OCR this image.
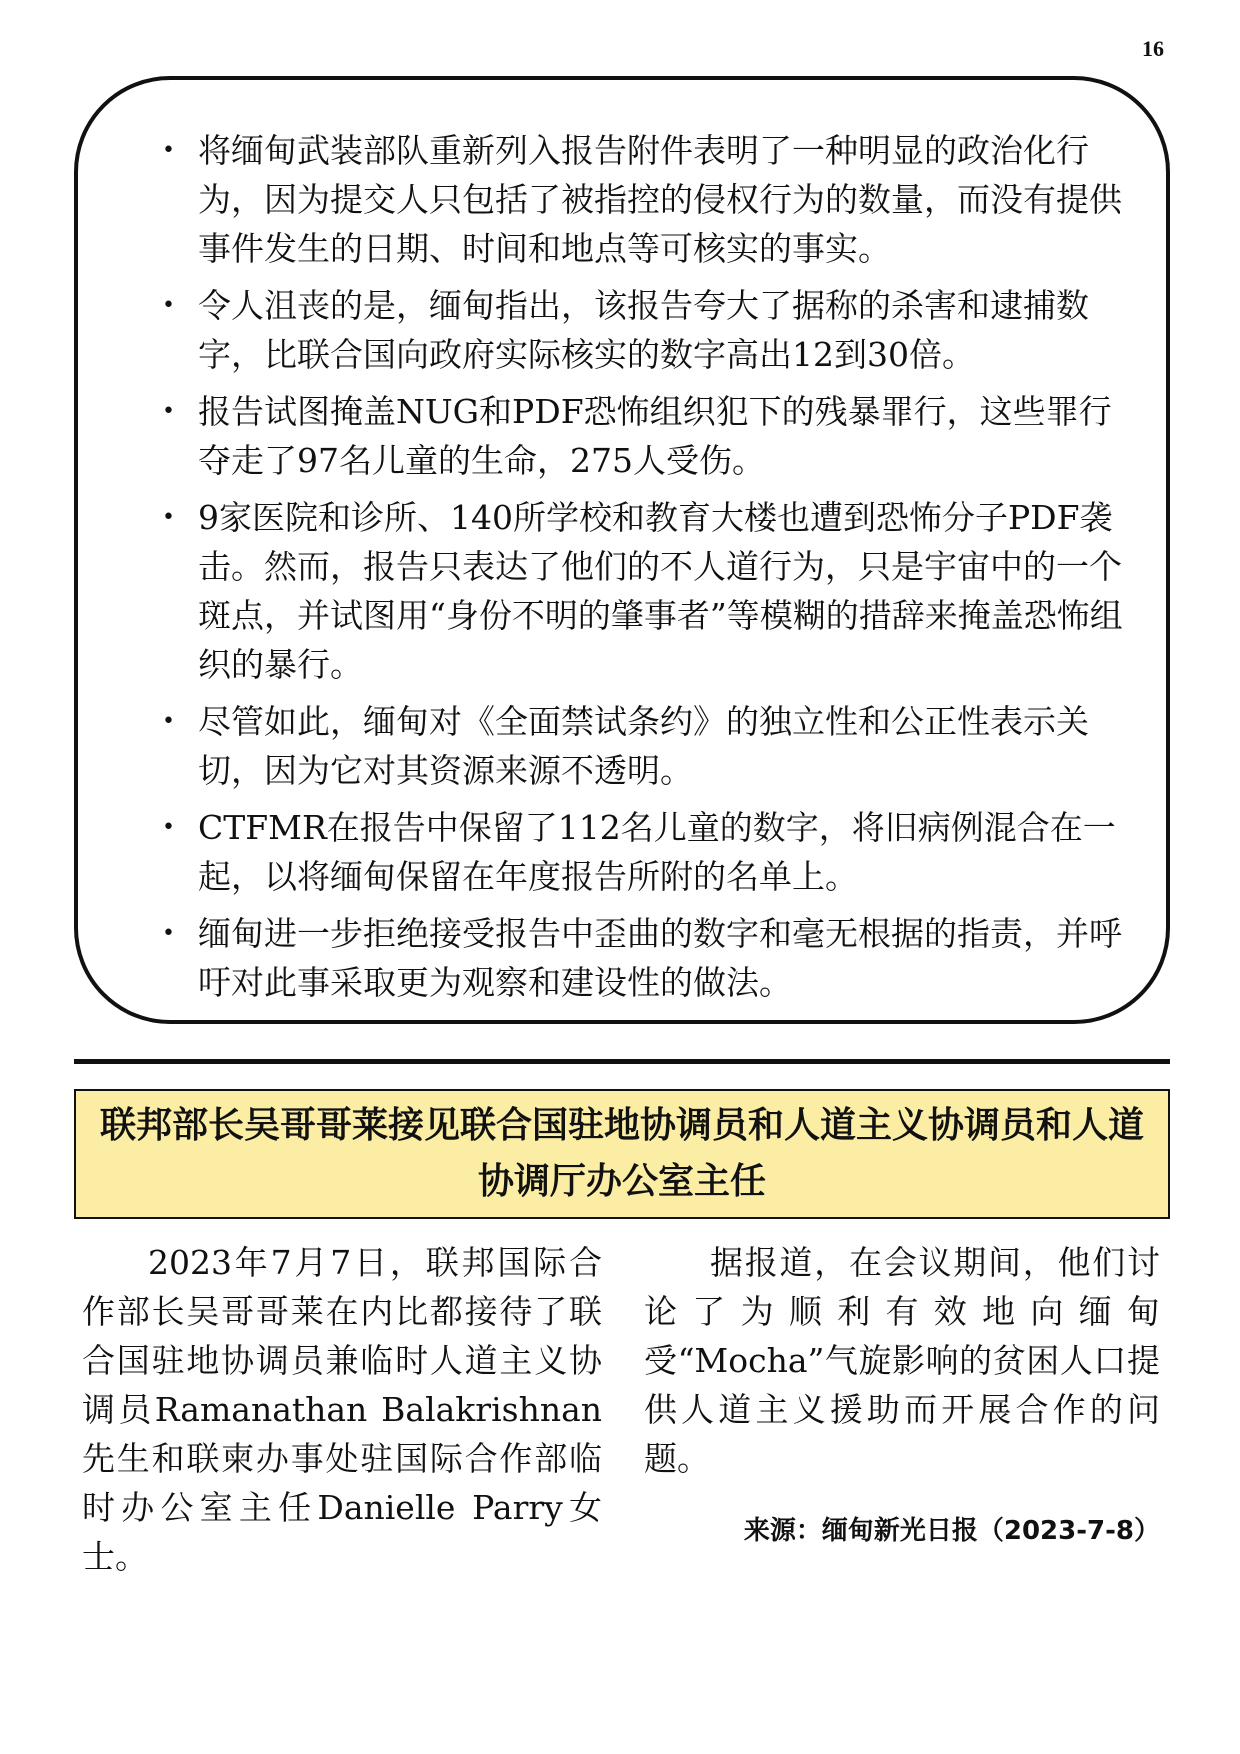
16
• 将缅甸武装部队重新列入报告附件表明了一种明显的政治化行为，因为提交人只包括了被指控的侵权行为的数量，而没有提供事件发生的日期、时间和地点等可核实的事实。
• 令人沮丧的是，缅甸指出，该报告夸大了据称的杀害和逮捕数字，比联合国向政府实际核实的数字高出12到30倍。
• 报告试图掩盖NUG和PDF恐怖组织犯下的残暴罪行，这些罪行夺走了97名儿童的生命，275人受伤。
• 9家医院和诊所、140所学校和教育大楼也遭到恐怖分子PDF袭击。然而，报告只表达了他们的不人道行为，只是宇宙中的一个斑点，并试图用“身份不明的肇事者”等模糊的措辞来掩盖恐怖组织的暴行。
• 尽管如此，缅甸对《全面禁试条约》的独立性和公正性表示关切，因为它对其资源来源不透明。
• CTFMR在报告中保留了112名儿童的数字，将旧病例混合在一起，以将缅甸保留在年度报告所附的名单上。
• 缅甸进一步拒绝接受报告中歪曲的数字和毫无根据的指责，并呼吁对此事采取更为观察和建设性的做法。
联邦部长吴哥哥莱接见联合国驻地协调员和人道主义协调员和人道协调厅办公室主任

2023年7月7日，联邦国际合作部长吴哥哥莱在内比都接待了联合国驻地协调员兼临时人道主义协调员Ramanathan Balakrishnan先生和联柬办事处驻国际合作部临时办公室主任Danielle Parry女士。

据报道，在会议期间，他们讨论了为顺利有效地向缅甸受“Mocha”气旋影响的贫困人口提供人道主义援助而开展合作的问题。

来源：缅甸新光日报（2023-7-8）
